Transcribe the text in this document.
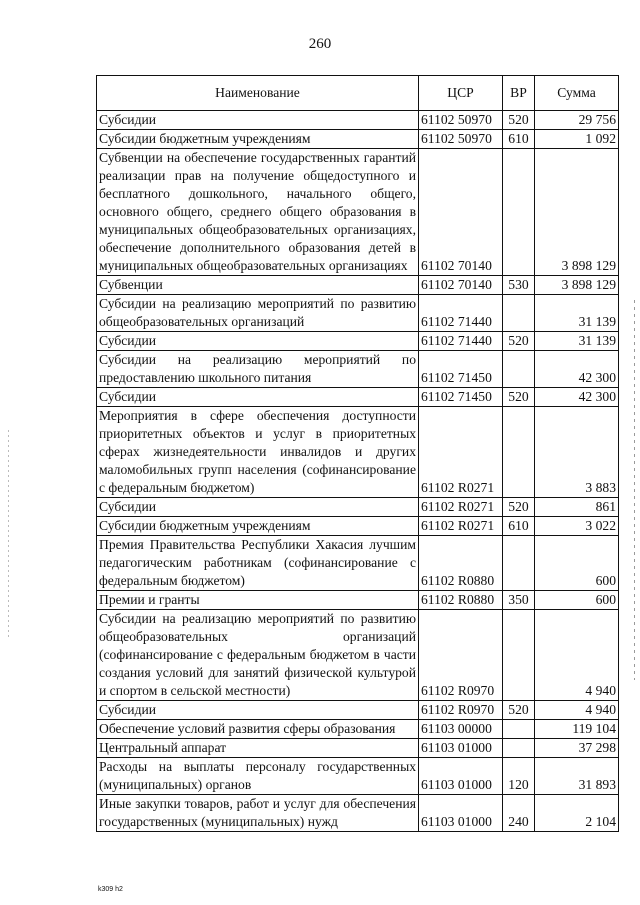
260
Наименование	ЦСР	ВР	Сумма
Субсидии	61102 50970	520	29 756
Субсидии бюджетным учреждениям	61102 50970	610	1 092
Субвенции на обеспечение государственных гарантий реализации прав на получение общедоступного и бесплатного дошкольного, начального общего, основного общего, среднего общего образования в муниципальных общеобразовательных организациях, обеспечение дополнительного образования детей в муниципальных общеобразовательных организациях	61102 70140		3 898 129
Субвенции	61102 70140	530	3 898 129
Субсидии на реализацию мероприятий по развитию общеобразовательных организаций	61102 71440		31 139
Субсидии	61102 71440	520	31 139
Субсидии на реализацию мероприятий по предоставлению школьного питания	61102 71450		42 300
Субсидии	61102 71450	520	42 300
Мероприятия в сфере обеспечения доступности приоритетных объектов и услуг в приоритетных сферах жизнедеятельности инвалидов и других маломобильных групп населения (софинансирование с федеральным бюджетом)	61102 R0271		3 883
Субсидии	61102 R0271	520	861
Субсидии бюджетным учреждениям	61102 R0271	610	3 022
Премия Правительства Республики Хакасия лучшим педагогическим работникам (софинансирование с федеральным бюджетом)	61102 R0880		600
Премии и гранты	61102 R0880	350	600
Субсидии на реализацию мероприятий по развитию общеобразовательных организаций (софинансирование с федеральным бюджетом в части создания условий для занятий физической культурой и спортом в сельской местности)	61102 R0970		4 940
Субсидии	61102 R0970	520	4 940
Обеспечение условий развития сферы образования	61103 00000		119 104
Центральный аппарат	61103 01000		37 298
Расходы на выплаты персоналу государственных (муниципальных) органов	61103 01000	120	31 893
Иные закупки товаров, работ и услуг для обеспечения государственных (муниципальных) нужд	61103 01000	240	2 104
k309 h2
